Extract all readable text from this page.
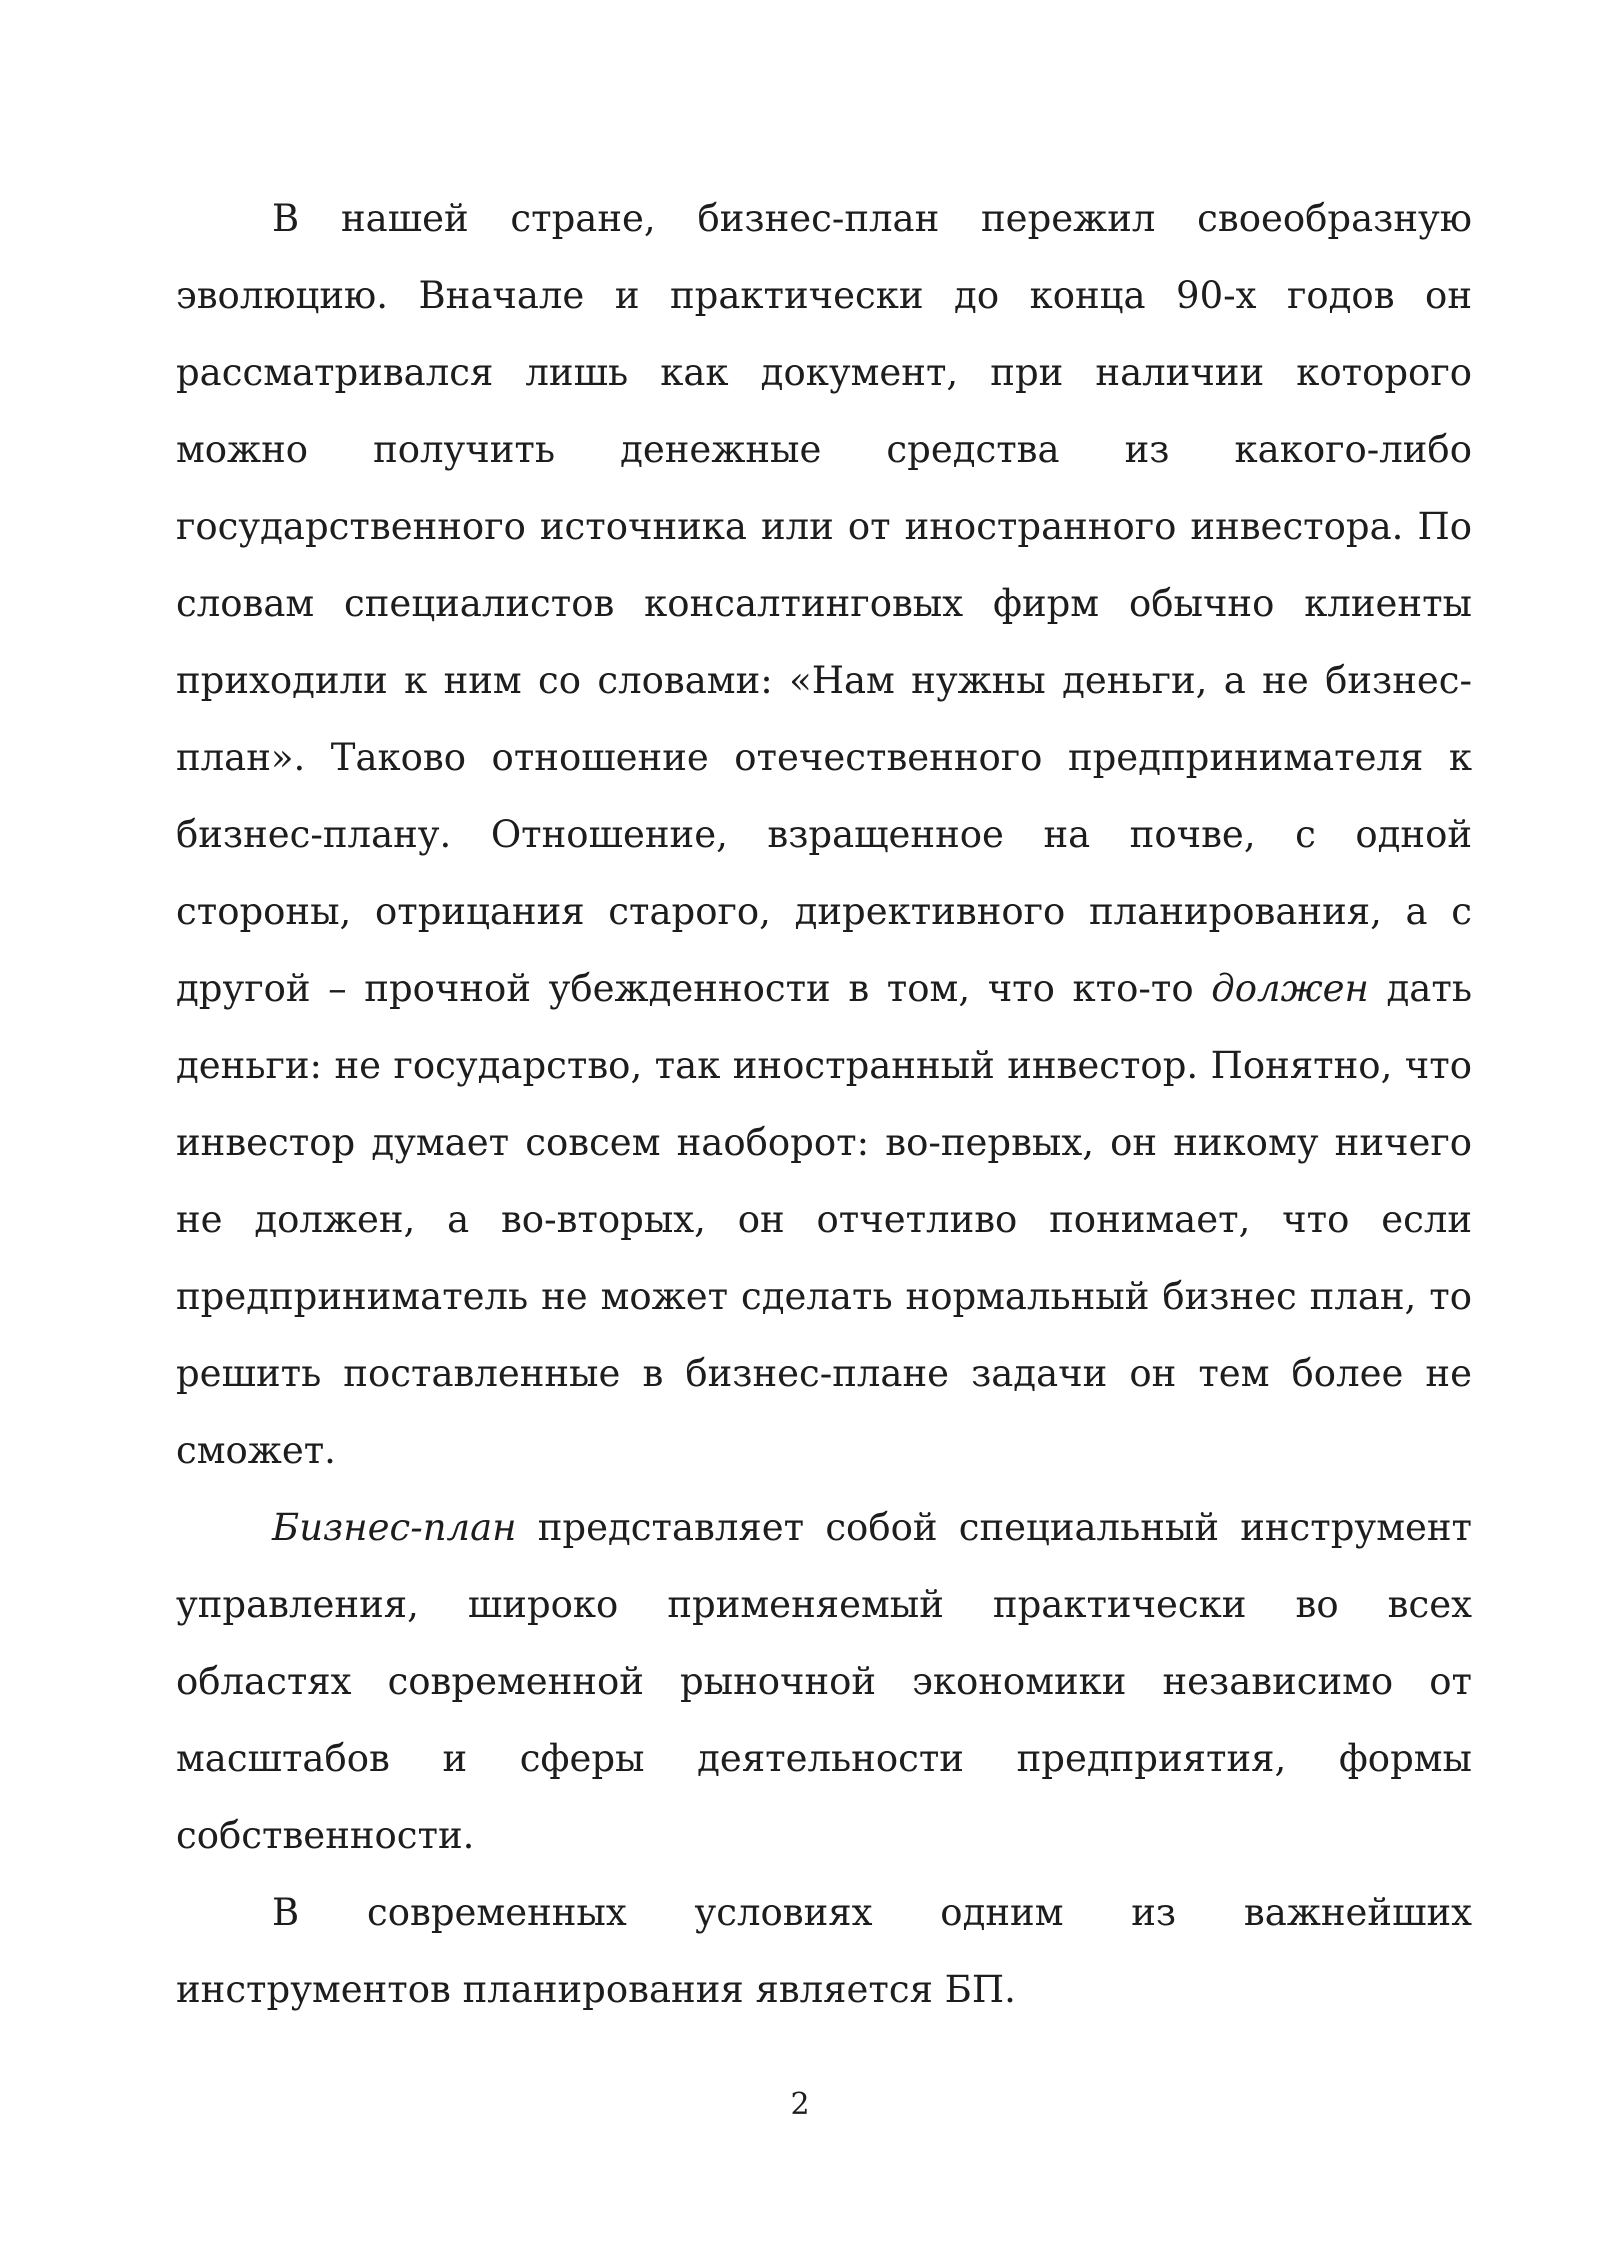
В нашей стране, бизнес-план пережил своеобразную эволюцию. Вначале и практически до конца 90-х годов он рассматривался лишь как документ, при наличии которого можно получить денежные средства из какого-либо государственного источника или от иностранного инвестора. По словам специалистов консалтинговых фирм обычно клиенты приходили к ним со словами: «Нам нужны деньги, а не бизнес-план». Таково отношение отечественного предпринимателя к бизнес-плану. Отношение, взращенное на почве, с одной стороны, отрицания старого, директивного планирования, а с другой – прочной убежденности в том, что кто-то должен дать деньги: не государство, так иностранный инвестор. Понятно, что инвестор думает совсем наоборот: во-первых, он никому ничего не должен, а во-вторых, он отчетливо понимает, что если предприниматель не может сделать нормальный бизнес план, то решить поставленные в бизнес-плане задачи он тем более не сможет.

Бизнес-план представляет собой специальный инструмент управления, широко применяемый практически во всех областях современной рыночной экономики независимо от масштабов и сферы деятельности предприятия, формы собственности.

В современных условиях одним из важнейших инструментов планирования является БП.

2
